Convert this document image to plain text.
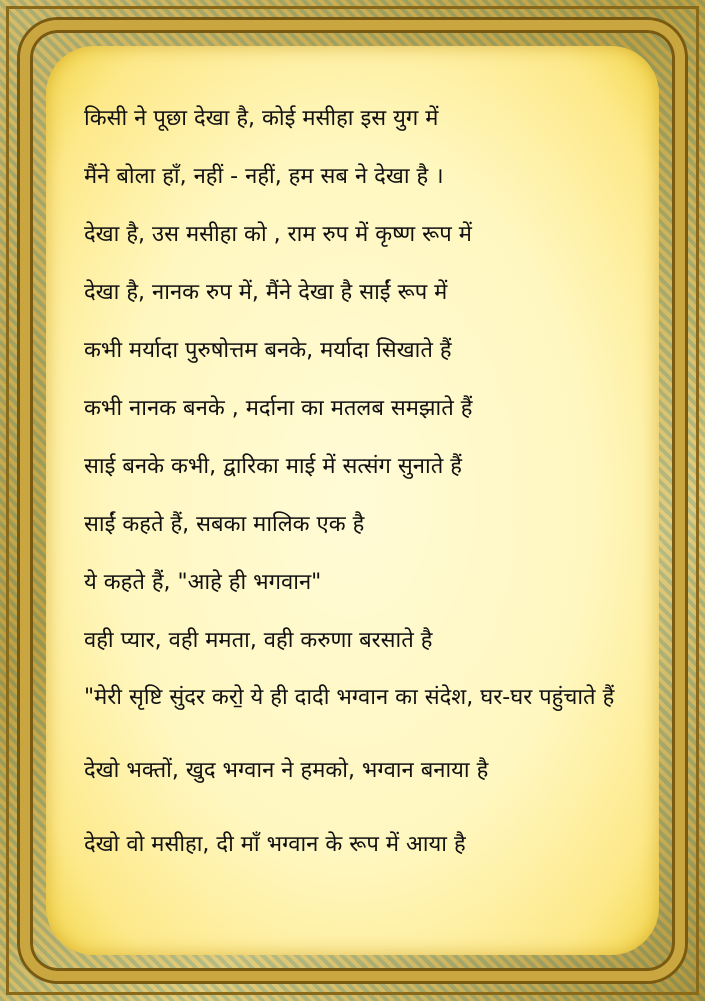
किसी ने पूछा देखा है, कोई मसीहा इस युग में
मैंने बोला हाँ, नहीं - नहीं, हम सब ने देखा है ।
देखा है, उस मसीहा को , राम रुप में कृष्ण रूप में
देखा है, नानक रुप में, मैंने देखा है साईं रूप में
कभी मर्यादा पुरुषोत्तम बनके, मर्यादा सिखाते हैं
कभी नानक बनके , मर्दाना का मतलब समझाते हैं
साई बनके कभी, द्वारिका माई में सत्संग सुनाते हैं
साईं कहते हैं, सबका मालिक एक है
ये कहते हैं, "आहे ही भगवान"
वही प्यार, वही ममता, वही करुणा बरसाते है
"मेरी सृष्टि सुंदर करो॒ ये ही दादी भग्वान का संदेश, घर-घर पहुंचाते हैं
देखो भक्तों, खुद भग्वान ने हमको, भग्वान बनाया है
देखो वो मसीहा, दी माँ भग्वान के रूप में आया है
